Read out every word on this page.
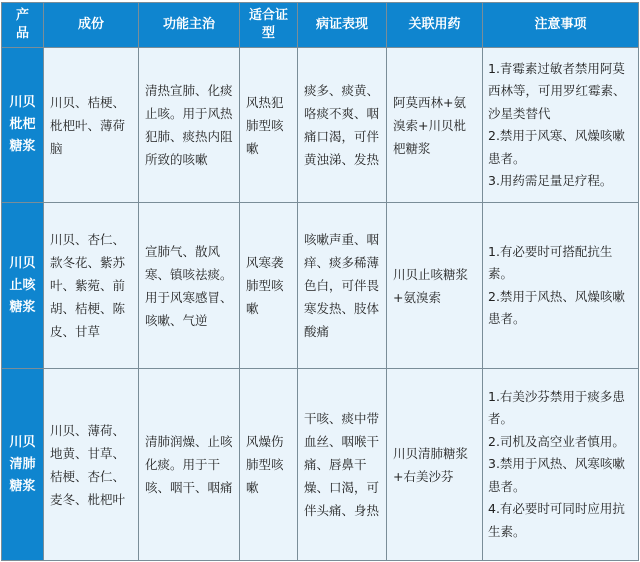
产品	成份	功能主治	适合证型	病证表现	关联用药	注意事项
川贝枇杷糖浆	川贝、桔梗、枇杷叶、薄荷脑	清热宣肺、化痰止咳。用于风热犯肺、痰热内阻所致的咳嗽	风热犯肺型咳嗽	痰多、痰黄、咯痰不爽、咽痛口渴，可伴黄浊涕、发热	阿莫西林+氨溴索+川贝枇杷糖浆	1.青霉素过敏者禁用阿莫西林等，可用罗红霉素、沙星类替代
2.禁用于风寒、风燥咳嗽患者。
3.用药需足量足疗程。

川贝止咳糖浆	川贝、杏仁、款冬花、紫苏叶、紫菀、前胡、桔梗、陈皮、甘草	宣肺气、散风寒、镇咳祛痰。用于风寒感冒、咳嗽、气逆	风寒袭肺型咳嗽	咳嗽声重、咽痒、痰多稀薄色白，可伴畏寒发热、肢体酸痛	川贝止咳糖浆+氨溴索	1.有必要时可搭配抗生素。
2.禁用于风热、风燥咳嗽患者。

川贝清肺糖浆	川贝、薄荷、地黄、甘草、桔梗、杏仁、麦冬、枇杷叶	清肺润燥、止咳化痰。用于干咳、咽干、咽痛	风燥伤肺型咳嗽	干咳、痰中带血丝、咽喉干痛、唇鼻干燥、口渴，可伴头痛、身热	川贝清肺糖浆+右美沙芬	1.右美沙芬禁用于痰多患者。
2.司机及高空业者慎用。
3.禁用于风热、风寒咳嗽患者。
4.有必要时可同时应用抗生素。
